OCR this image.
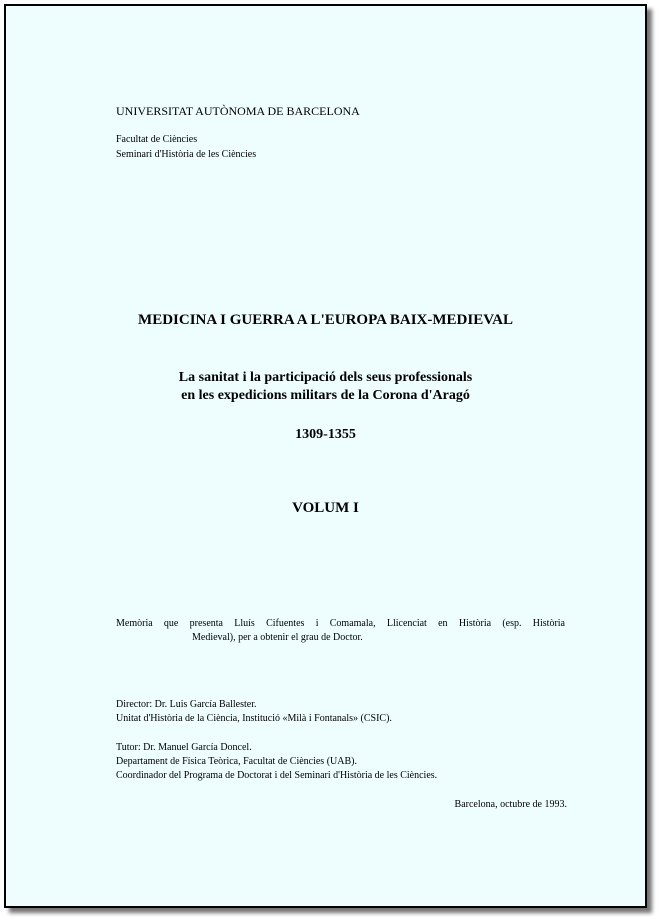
UNIVERSITAT AUTÒNOMA DE BARCELONA
Facultat de Ciències
Seminari d'Història de les Ciències
MEDICINA I GUERRA A L'EUROPA BAIX-MEDIEVAL
La sanitat i la participació dels seus professionals
en les expedicions militars de la Corona d'Aragó
1309-1355
VOLUM I
Memòria que presenta Lluís Cifuentes i Comamala, Llicenciat en Història (esp. Història
Medieval), per a obtenir el grau de Doctor.
Director: Dr. Luis García Ballester.
Unitat d'Història de la Ciència, Institució «Milà i Fontanals» (CSIC).
Tutor: Dr. Manuel García Doncel.
Departament de Física Teòrica, Facultat de Ciències (UAB).
Coordinador del Programa de Doctorat i del Seminari d'Història de les Ciències.
Barcelona, octubre de 1993.
